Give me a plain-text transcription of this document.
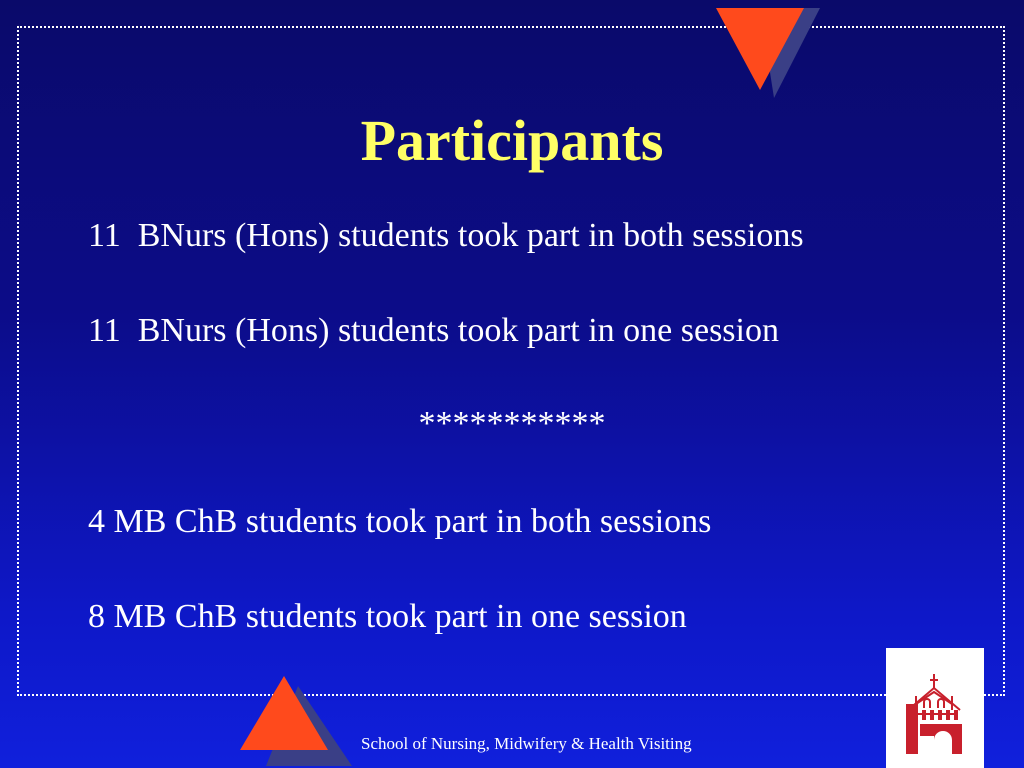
Participants
11  BNurs (Hons) students took part in both sessions
11  BNurs (Hons) students took part in one session
***********
4 MB ChB students took part in both sessions
8 MB ChB students took part in one session
School of Nursing, Midwifery & Health Visiting
